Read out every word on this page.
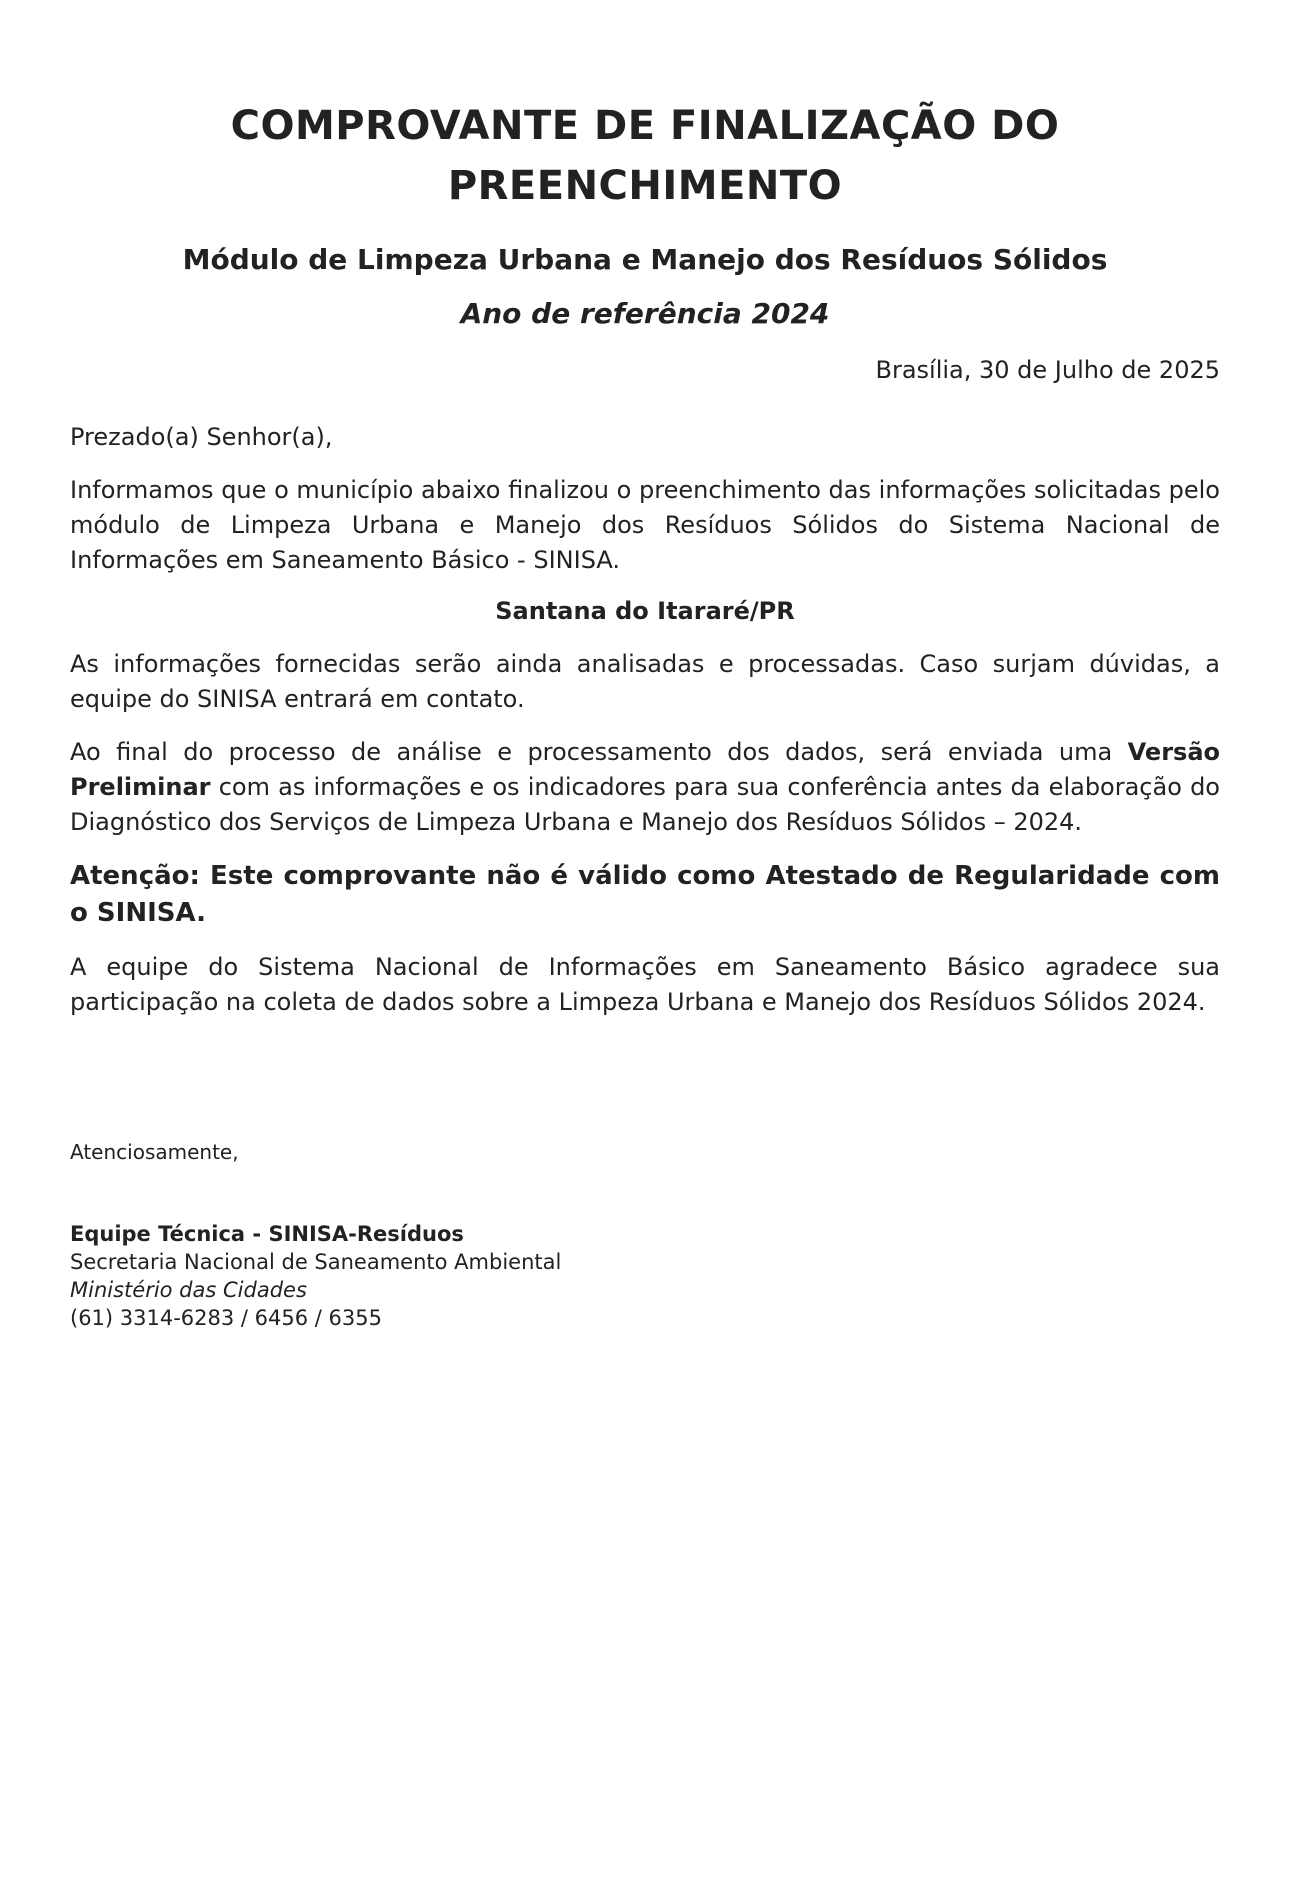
COMPROVANTE DE FINALIZAÇÃO DO PREENCHIMENTO
Módulo de Limpeza Urbana e Manejo dos Resíduos Sólidos
Ano de referência 2024
Brasília, 30 de Julho de 2025

Prezado(a) Senhor(a),

Informamos que o município abaixo finalizou o preenchimento das informações solicitadas pelo módulo de Limpeza Urbana e Manejo dos Resíduos Sólidos do Sistema Nacional de Informações em Saneamento Básico - SINISA.

Santana do Itararé/PR

As informações fornecidas serão ainda analisadas e processadas. Caso surjam dúvidas, a equipe do SINISA entrará em contato.

Ao final do processo de análise e processamento dos dados, será enviada uma Versão Preliminar com as informações e os indicadores para sua conferência antes da elaboração do Diagnóstico dos Serviços de Limpeza Urbana e Manejo dos Resíduos Sólidos – 2024.

Atenção: Este comprovante não é válido como Atestado de Regularidade com o SINISA.

A equipe do Sistema Nacional de Informações em Saneamento Básico agradece sua participação na coleta de dados sobre a Limpeza Urbana e Manejo dos Resíduos Sólidos 2024.

Atenciosamente,

Equipe Técnica - SINISA-Resíduos
Secretaria Nacional de Saneamento Ambiental
Ministério das Cidades
(61) 3314-6283 / 6456 / 6355
